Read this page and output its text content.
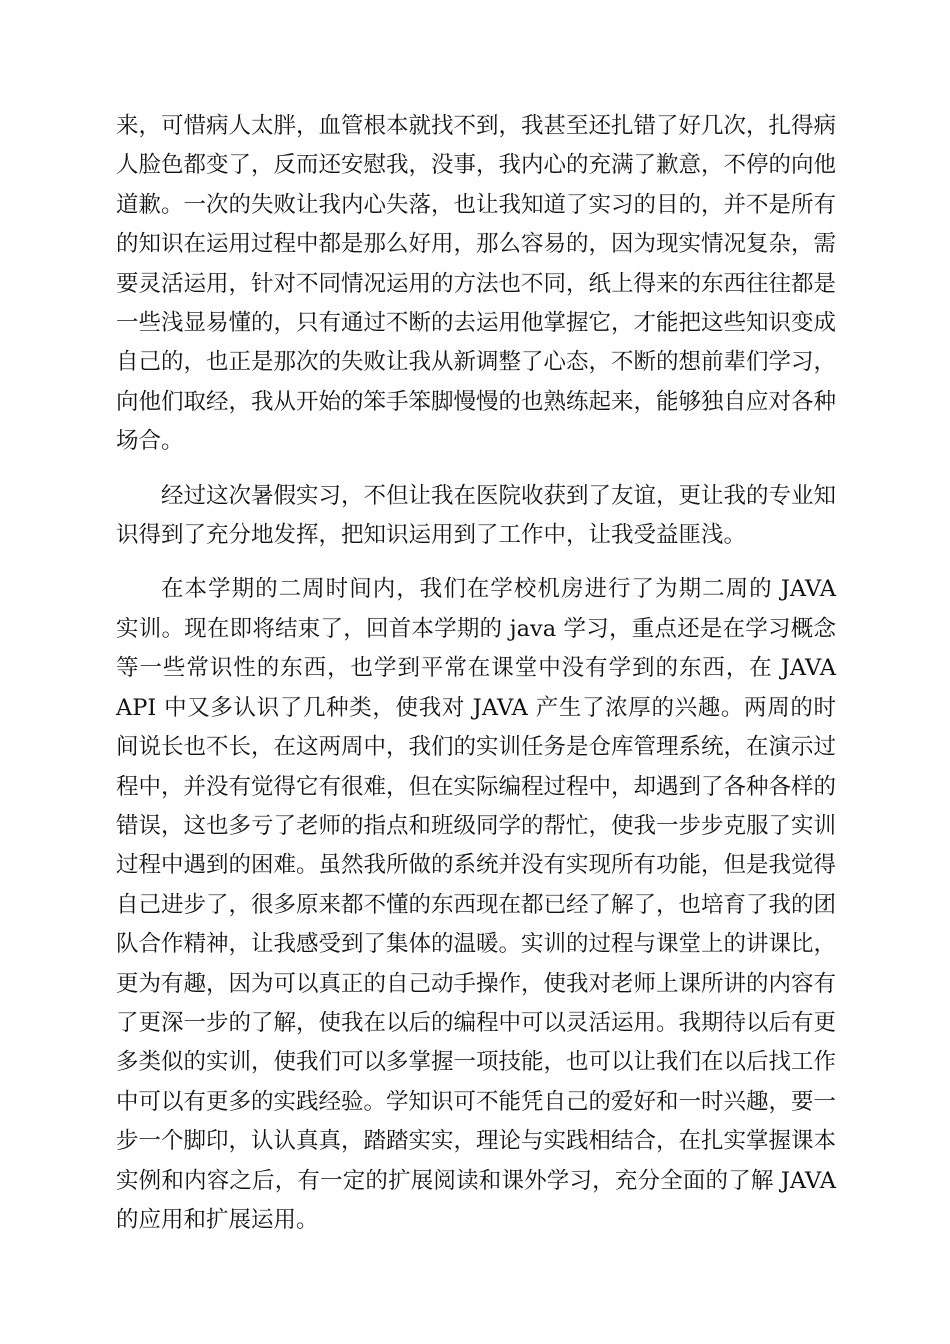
来，可惜病人太胖，血管根本就找不到，我甚至还扎错了好几次，扎得病人脸色都变了，反而还安慰我，没事，我内心的充满了歉意，不停的向他道歉。一次的失败让我内心失落，也让我知道了实习的目的，并不是所有的知识在运用过程中都是那么好用，那么容易的，因为现实情况复杂，需要灵活运用，针对不同情况运用的方法也不同，纸上得来的东西往往都是一些浅显易懂的，只有通过不断的去运用他掌握它，才能把这些知识变成自己的，也正是那次的失败让我从新调整了心态，不断的想前辈们学习，向他们取经，我从开始的笨手笨脚慢慢的也熟练起来，能够独自应对各种场合。

经过这次暑假实习，不但让我在医院收获到了友谊，更让我的专业知识得到了充分地发挥，把知识运用到了工作中，让我受益匪浅。

在本学期的二周时间内，我们在学校机房进行了为期二周的 JAVA 实训。现在即将结束了，回首本学期的 java 学习，重点还是在学习概念等一些常识性的东西，也学到平常在课堂中没有学到的东西，在 JAVA API 中又多认识了几种类，使我对 JAVA 产生了浓厚的兴趣。两周的时间说长也不长，在这两周中，我们的实训任务是仓库管理系统，在演示过程中，并没有觉得它有很难，但在实际编程过程中，却遇到了各种各样的错误，这也多亏了老师的指点和班级同学的帮忙，使我一步步克服了实训过程中遇到的困难。虽然我所做的系统并没有实现所有功能，但是我觉得自己进步了，很多原来都不懂的东西现在都已经了解了，也培育了我的团队合作精神，让我感受到了集体的温暖。实训的过程与课堂上的讲课比，更为有趣，因为可以真正的自己动手操作，使我对老师上课所讲的内容有了更深一步的了解，使我在以后的编程中可以灵活运用。我期待以后有更多类似的实训，使我们可以多掌握一项技能，也可以让我们在以后找工作中可以有更多的实践经验。学知识可不能凭自己的爱好和一时兴趣，要一步一个脚印，认认真真，踏踏实实，理论与实践相结合，在扎实掌握课本实例和内容之后，有一定的扩展阅读和课外学习，充分全面的了解 JAVA 的应用和扩展运用。
